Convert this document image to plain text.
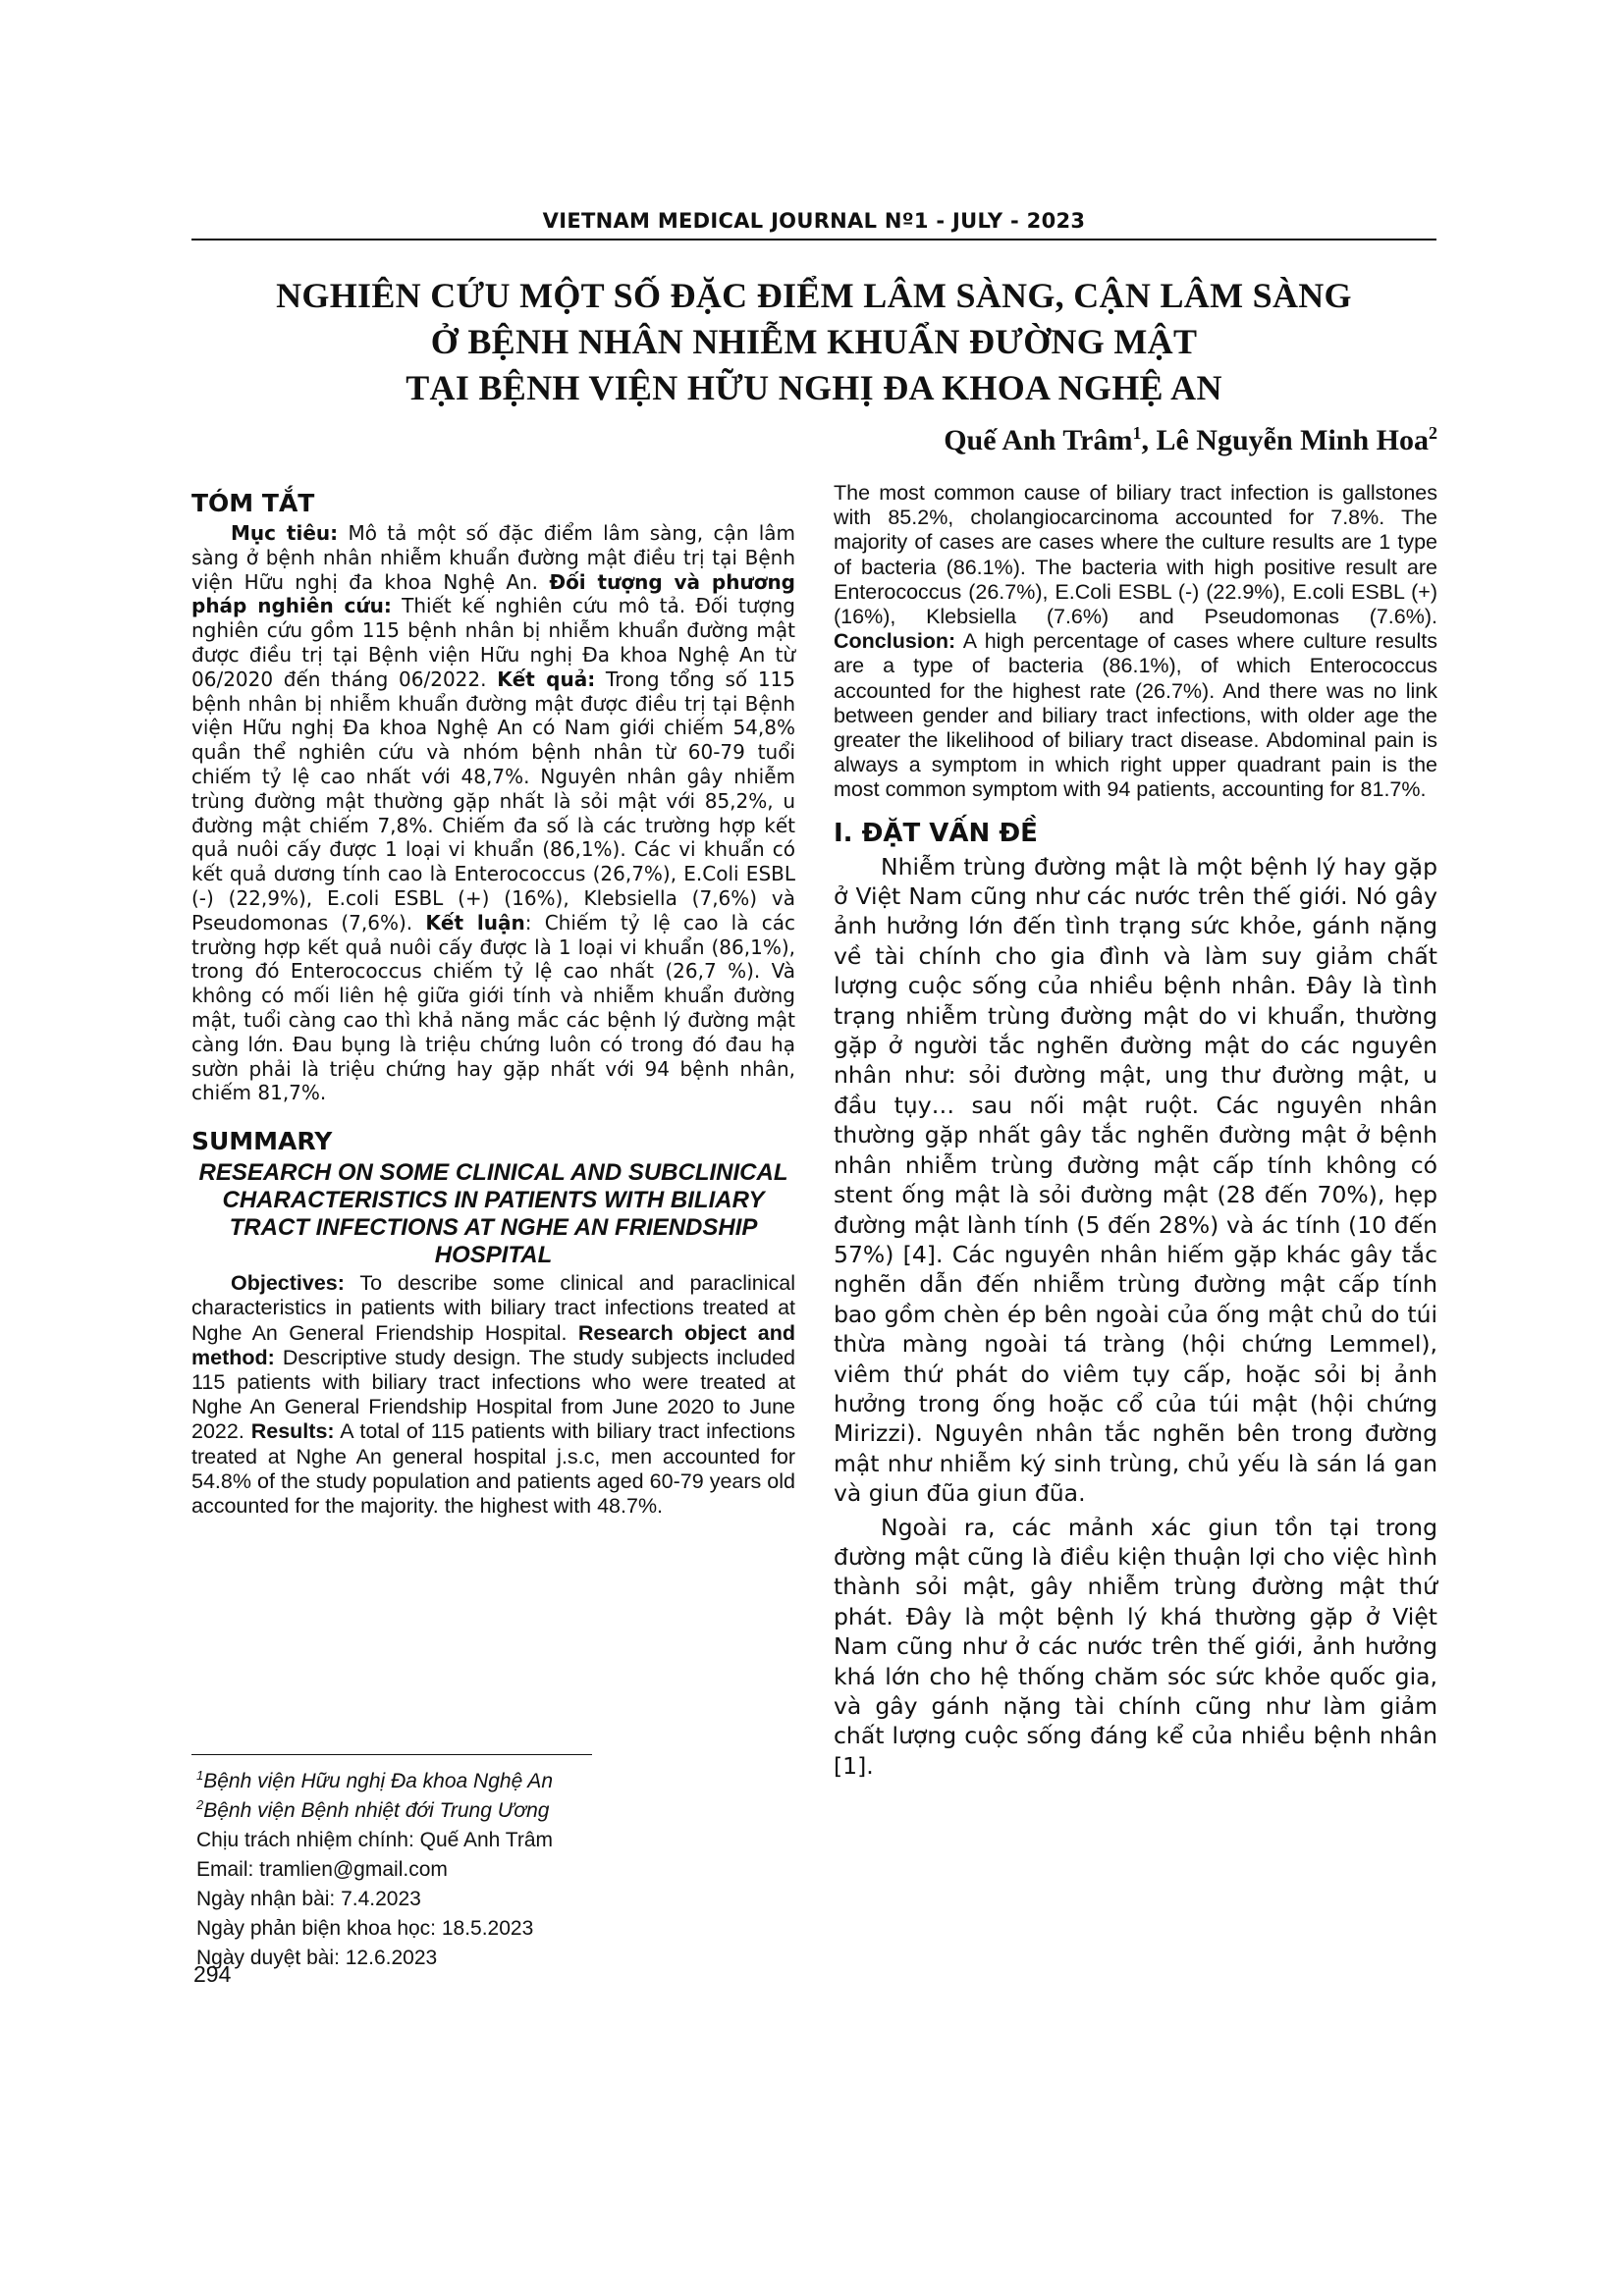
VIETNAM MEDICAL JOURNAL Nº1 - JULY - 2023
NGHIÊN CỨU MỘT SỐ ĐẶC ĐIỂM LÂM SÀNG, CẬN LÂM SÀNG
Ở BỆNH NHÂN NHIỄM KHUẨN ĐƯỜNG MẬT
TẠI BỆNH VIỆN HỮU NGHỊ ĐA KHOA NGHỆ AN
Quế Anh Trâm$^1$, Lê Nguyễn Minh Hoa$^2$
TÓM TẮT

Mục tiêu: Mô tả một số đặc điểm lâm sàng, cận lâm sàng ở bệnh nhân nhiễm khuẩn đường mật điều trị tại Bệnh viện Hữu nghị đa khoa Nghệ An. Đối tượng và phương pháp nghiên cứu: Thiết kế nghiên cứu mô tả. Đối tượng nghiên cứu gồm 115 bệnh nhân bị nhiễm khuẩn đường mật được điều trị tại Bệnh viện Hữu nghị Đa khoa Nghệ An từ 06/2020 đến tháng 06/2022. Kết quả: Trong tổng số 115 bệnh nhân bị nhiễm khuẩn đường mật được điều trị tại Bệnh viện Hữu nghị Đa khoa Nghệ An có Nam giới chiếm 54,8% quần thể nghiên cứu và nhóm bệnh nhân từ 60-79 tuổi chiếm tỷ lệ cao nhất với 48,7%. Nguyên nhân gây nhiễm trùng đường mật thường gặp nhất là sỏi mật với 85,2%, u đường mật chiếm 7,8%. Chiếm đa số là các trường hợp kết quả nuôi cấy được 1 loại vi khuẩn (86,1%). Các vi khuẩn có kết quả dương tính cao là Enterococcus (26,7%), E.Coli ESBL (-) (22,9%), E.coli ESBL (+) (16%), Klebsiella (7,6%) và Pseudomonas (7,6%). Kết luận: Chiếm tỷ lệ cao là các trường hợp kết quả nuôi cấy được là 1 loại vi khuẩn (86,1%), trong đó Enterococcus chiếm tỷ lệ cao nhất (26,7 %). Và không có mối liên hệ giữa giới tính và nhiễm khuẩn đường mật, tuổi càng cao thì khả năng mắc các bệnh lý đường mật càng lớn. Đau bụng là triệu chứng luôn có trong đó đau hạ sườn phải là triệu chứng hay gặp nhất với 94 bệnh nhân, chiếm 81,7%.

SUMMARY
RESEARCH ON SOME CLINICAL AND SUBCLINICAL CHARACTERISTICS IN PATIENTS WITH BILIARY TRACT INFECTIONS AT NGHE AN FRIENDSHIP HOSPITAL

Objectives: To describe some clinical and paraclinical characteristics in patients with biliary tract infections treated at Nghe An General Friendship Hospital. Research object and method: Descriptive study design. The study subjects included 115 patients with biliary tract infections who were treated at Nghe An General Friendship Hospital from June 2020 to June 2022. Results: A total of 115 patients with biliary tract infections treated at Nghe An general hospital j.s.c, men accounted for 54.8% of the study population and patients aged 60-79 years old accounted for the majority. the highest with 48.7%.

$^1$Bệnh viện Hữu nghị Đa khoa Nghệ An
$^2$Bệnh viện Bệnh nhiệt đới Trung Ương
Chịu trách nhiệm chính: Quế Anh Trâm
Email: tramlien@gmail.com
Ngày nhận bài: 7.4.2023
Ngày phản biện khoa học: 18.5.2023
Ngày duyệt bài: 12.6.2023
294

The most common cause of biliary tract infection is gallstones with 85.2%, cholangiocarcinoma accounted for 7.8%. The majority of cases are cases where the culture results are 1 type of bacteria (86.1%). The bacteria with high positive result are Enterococcus (26.7%), E.Coli ESBL (-) (22.9%), E.coli ESBL (+) (16%), Klebsiella (7.6%) and Pseudomonas (7.6%). Conclusion: A high percentage of cases where culture results are a type of bacteria (86.1%), of which Enterococcus accounted for the highest rate (26.7%). And there was no link between gender and biliary tract infections, with older age the greater the likelihood of biliary tract disease. Abdominal pain is always a symptom in which right upper quadrant pain is the most common symptom with 94 patients, accounting for 81.7%.

I. ĐẶT VẤN ĐỀ

Nhiễm trùng đường mật là một bệnh lý hay gặp ở Việt Nam cũng như các nước trên thế giới. Nó gây ảnh hưởng lớn đến tình trạng sức khỏe, gánh nặng về tài chính cho gia đình và làm suy giảm chất lượng cuộc sống của nhiều bệnh nhân. Đây là tình trạng nhiễm trùng đường mật do vi khuẩn, thường gặp ở người tắc nghẽn đường mật do các nguyên nhân như: sỏi đường mật, ung thư đường mật, u đầu tụy… sau nối mật ruột. Các nguyên nhân thường gặp nhất gây tắc nghẽn đường mật ở bệnh nhân nhiễm trùng đường mật cấp tính không có stent ống mật là sỏi đường mật (28 đến 70%), hẹp đường mật lành tính (5 đến 28%) và ác tính (10 đến 57%) [4]. Các nguyên nhân hiếm gặp khác gây tắc nghẽn dẫn đến nhiễm trùng đường mật cấp tính bao gồm chèn ép bên ngoài của ống mật chủ do túi thừa màng ngoài tá tràng (hội chứng Lemmel), viêm thứ phát do viêm tụy cấp, hoặc sỏi bị ảnh hưởng trong ống hoặc cổ của túi mật (hội chứng Mirizzi). Nguyên nhân tắc nghẽn bên trong đường mật như nhiễm ký sinh trùng, chủ yếu là sán lá gan và giun đũa giun đũa.

Ngoài ra, các mảnh xác giun tồn tại trong đường mật cũng là điều kiện thuận lợi cho việc hình thành sỏi mật, gây nhiễm trùng đường mật thứ phát. Đây là một bệnh lý khá thường gặp ở Việt Nam cũng như ở các nước trên thế giới, ảnh hưởng khá lớn cho hệ thống chăm sóc sức khỏe quốc gia, và gây gánh nặng tài chính cũng như làm giảm chất lượng cuộc sống đáng kể của nhiều bệnh nhân [1].
